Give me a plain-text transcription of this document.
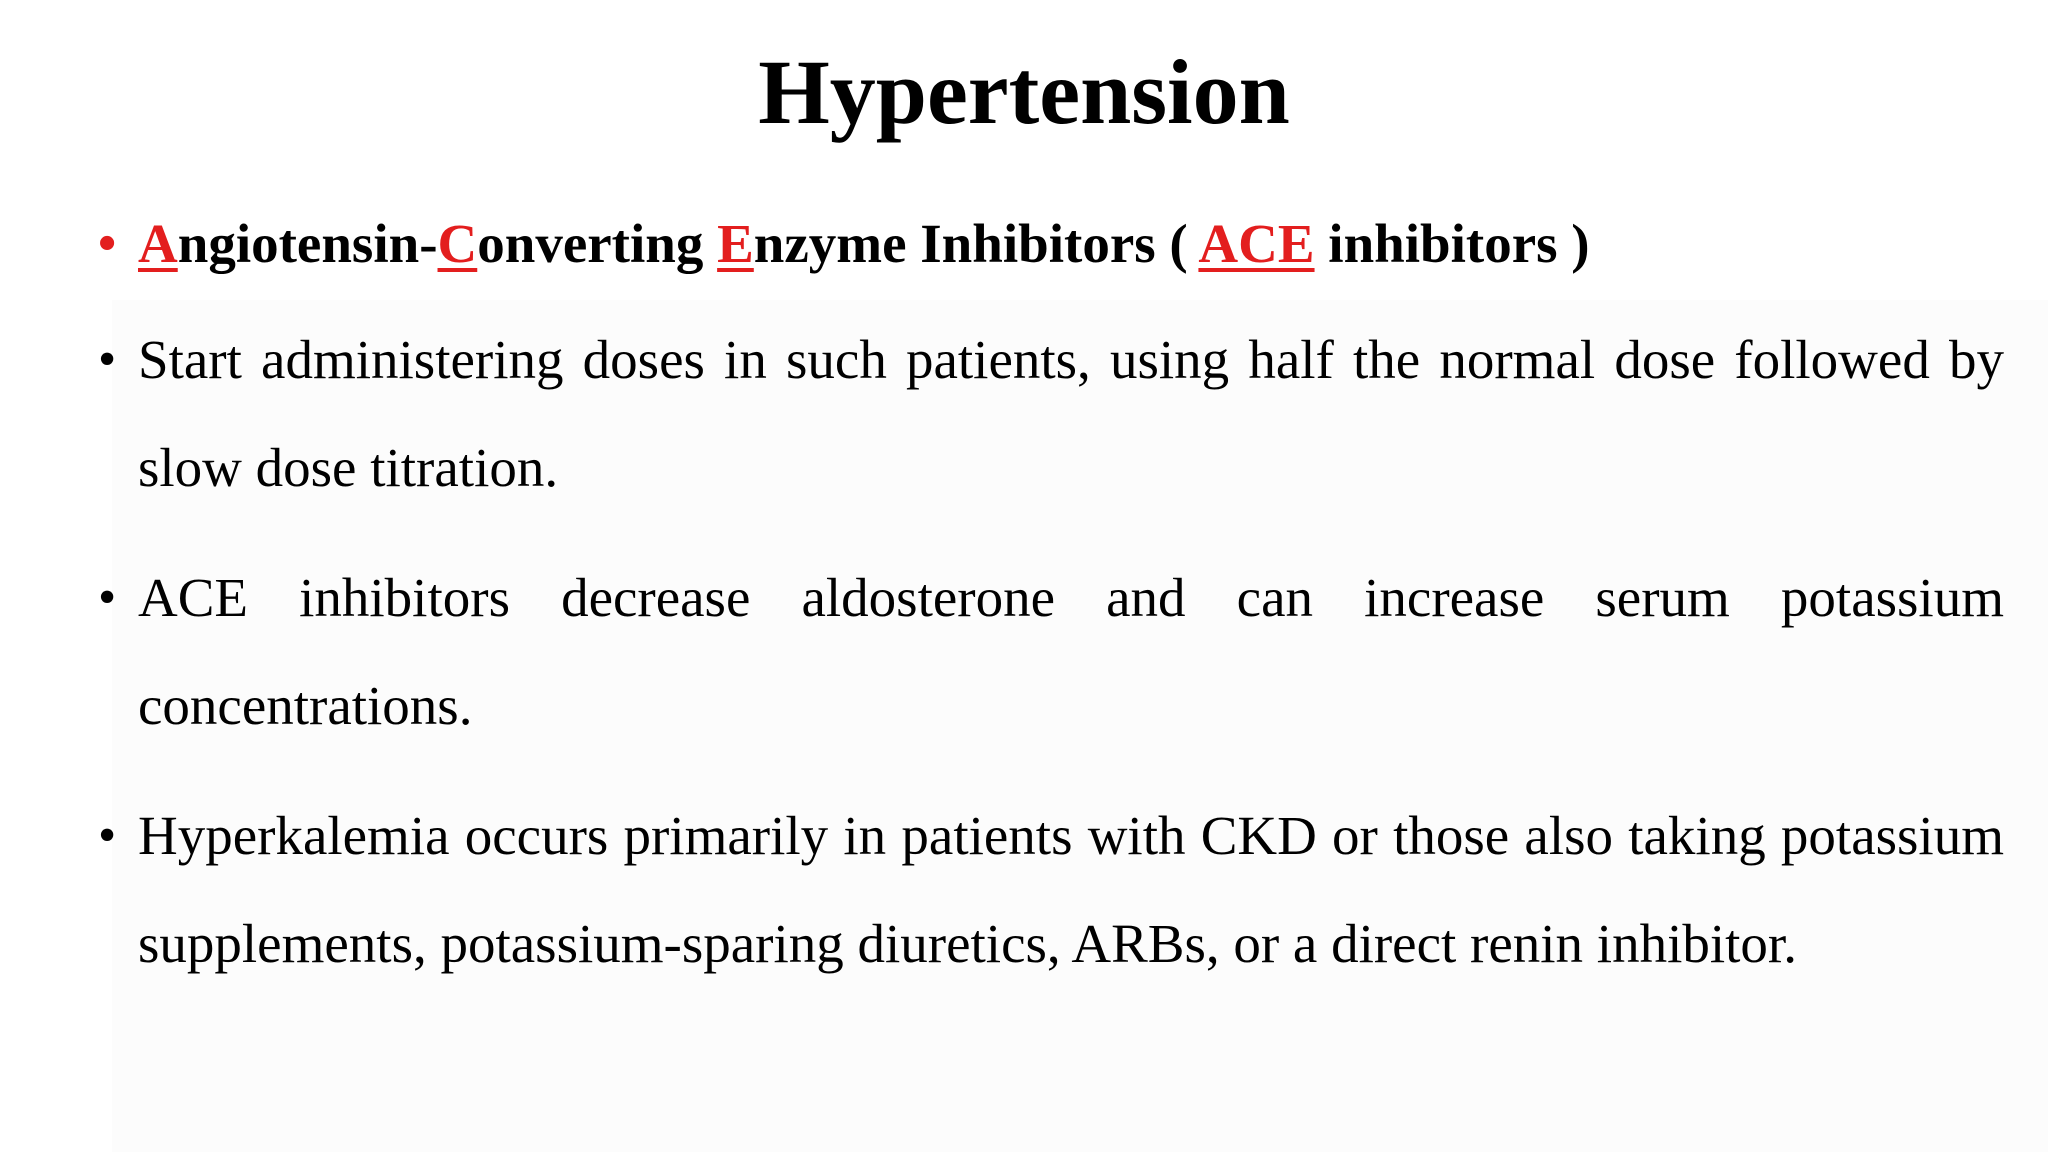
Hypertension
• Angiotensin-Converting Enzyme Inhibitors ( ACE inhibitors )
• Start administering doses in such patients, using half the normal dose followed by slow dose titration.
• ACE inhibitors decrease aldosterone and can increase serum potassium concentrations.
• Hyperkalemia occurs primarily in patients with CKD or those also taking potassium supplements, potassium-sparing diuretics, ARBs, or a direct renin inhibitor.
